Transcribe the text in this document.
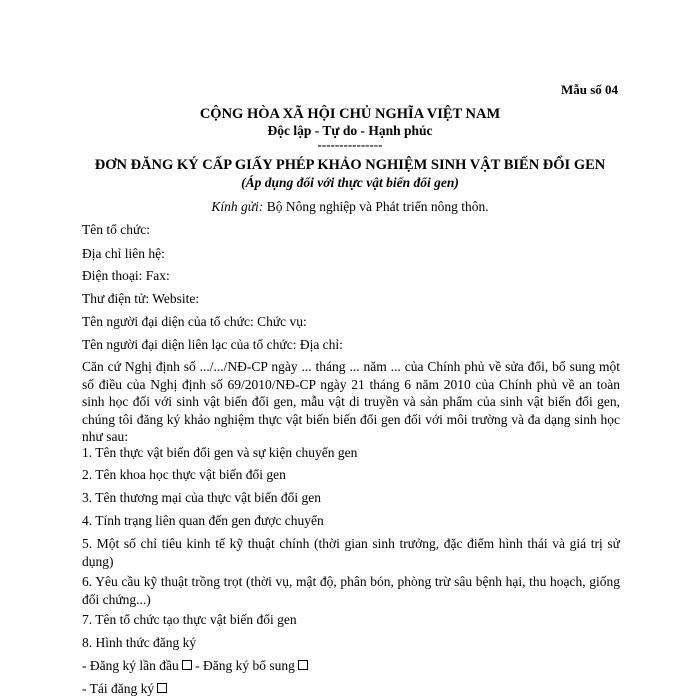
Mẫu số 04
CỘNG HÒA XÃ HỘI CHỦ NGHĨA VIỆT NAM
Độc lập - Tự do - Hạnh phúc
---------------
ĐƠN ĐĂNG KÝ CẤP GIẤY PHÉP KHẢO NGHIỆM SINH VẬT BIẾN ĐỔI GEN
(Áp dụng đối với thực vật biến đổi gen)
Kính gửi: Bộ Nông nghiệp và Phát triển nông thôn.
Tên tổ chức:
Địa chỉ liên hệ:
Điện thoại: Fax:
Thư điện tử: Website:
Tên người đại diện của tổ chức: Chức vụ:
Tên người đại diện liên lạc của tổ chức: Địa chỉ:
Căn cứ Nghị định số .../.../NĐ-CP ngày ... tháng ... năm ... của Chính phủ về sửa đổi, bổ sung một số điều của Nghị định số 69/2010/NĐ-CP ngày 21 tháng 6 năm 2010 của Chính phủ về an toàn sinh học đối với sinh vật biến đổi gen, mẫu vật di truyền và sản phẩm của sinh vật biến đổi gen, chúng tôi đăng ký khảo nghiệm thực vật biến biến đổi gen đối với môi trường và đa dạng sinh học như sau:
1. Tên thực vật biến đổi gen và sự kiện chuyển gen
2. Tên khoa học thực vật biến đổi gen
3. Tên thương mại của thực vật biến đổi gen
4. Tính trạng liên quan đến gen được chuyển
5. Một số chỉ tiêu kinh tế kỹ thuật chính (thời gian sinh trưởng, đặc điểm hình thái và giá trị sử dụng)
6. Yêu cầu kỹ thuật trồng trọt (thời vụ, mật độ, phân bón, phòng trừ sâu bệnh hại, thu hoạch, giống đối chứng...)
7. Tên tổ chức tạo thực vật biến đổi gen
8. Hình thức đăng ký
- Đăng ký lần đầu - Đăng ký bổ sung
- Tái đăng ký
